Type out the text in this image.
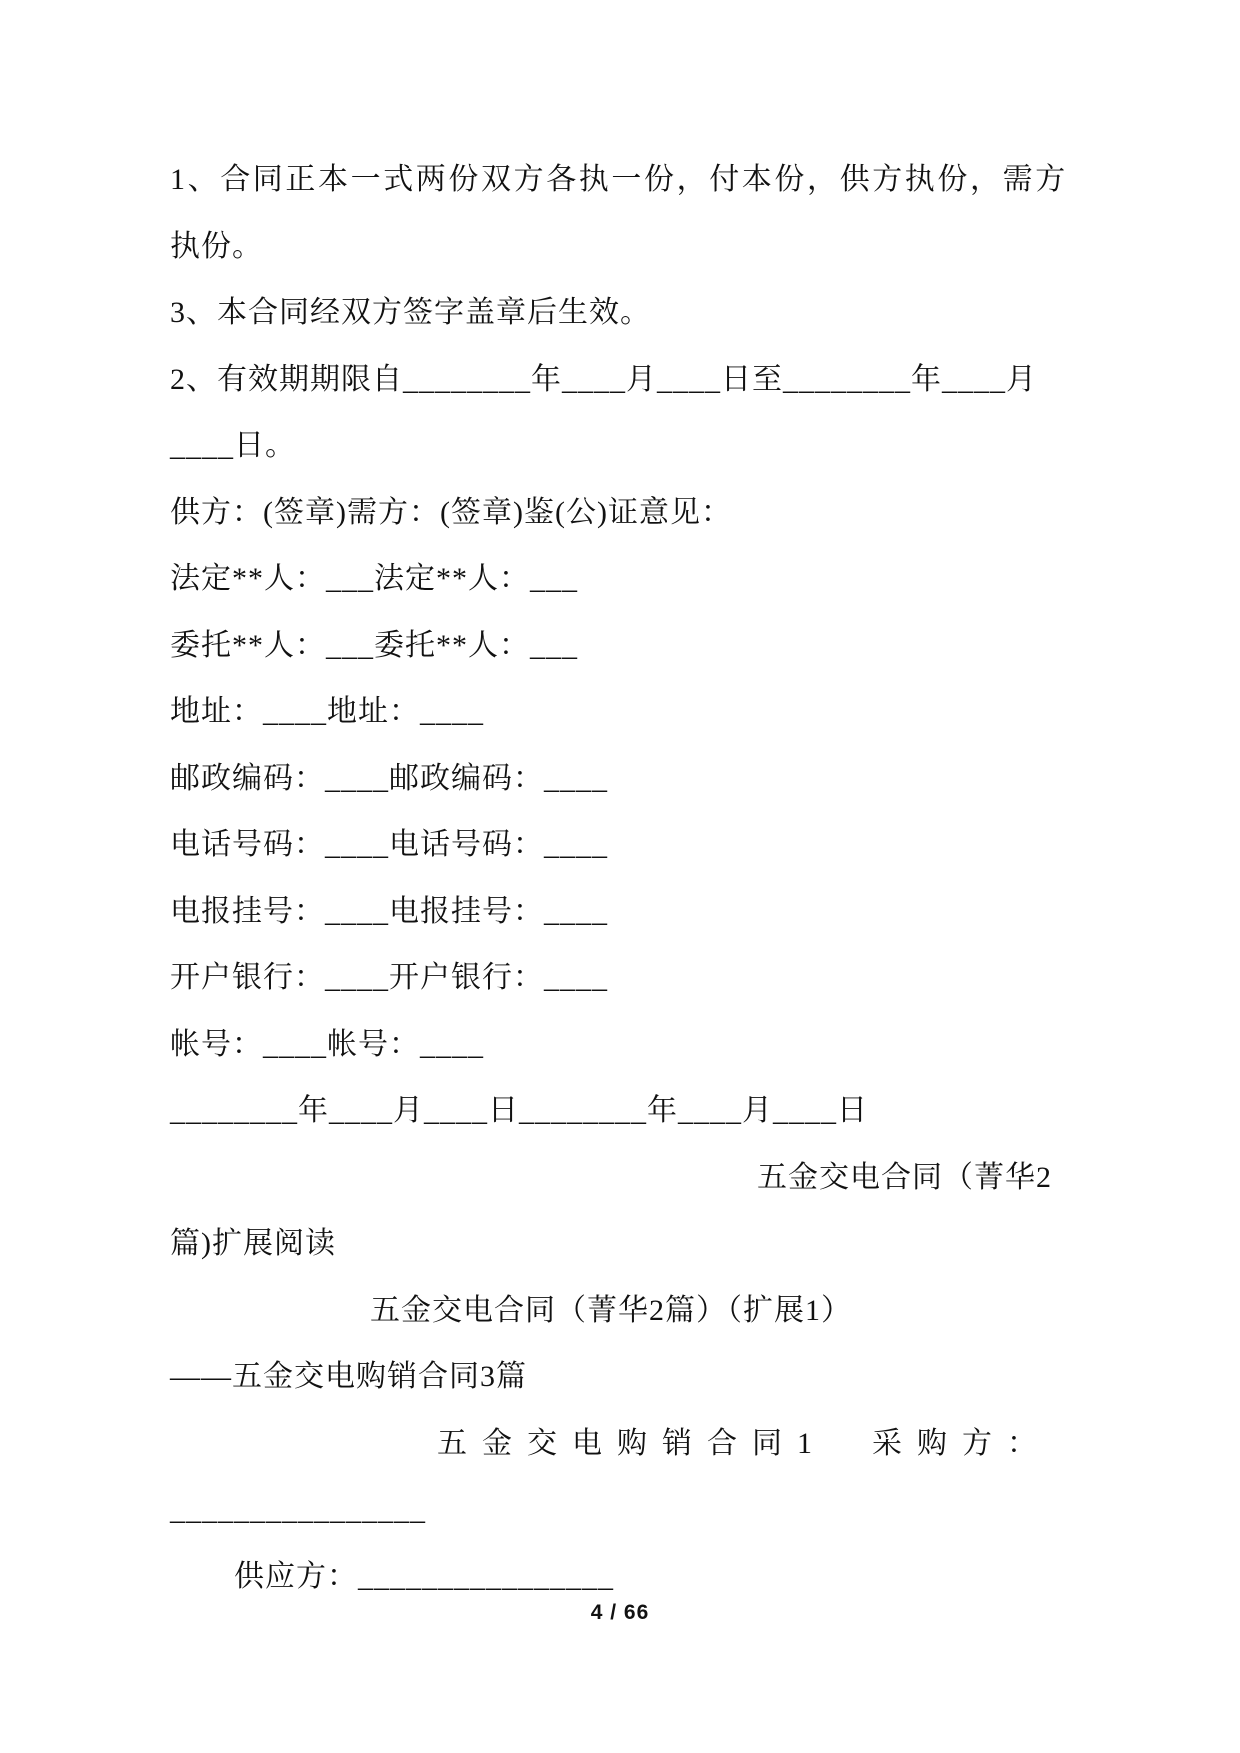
1、合同正本一式两份双方各执一份，付本份，供方执份，需方
执份。
3、本合同经双方签字盖章后生效。
2、有效期期限自________年____月____日至________年____月
____日。
供方：(签章)需方：(签章)鉴(公)证意见：
法定**人：___法定**人：___
委托**人：___委托**人：___
地址：____地址：____
邮政编码：____邮政编码：____
电话号码：____电话号码：____
电报挂号：____电报挂号：____
开户银行：____开户银行：____
帐号：____帐号：____
________年____月____日________年____月____日
五金交电合同（菁华2
篇)扩展阅读
五金交电合同（菁华2篇）（扩展1）
——五金交电购销合同3篇
五金交电购销合同1　采购方：
________________
供应方：________________
4 / 66
